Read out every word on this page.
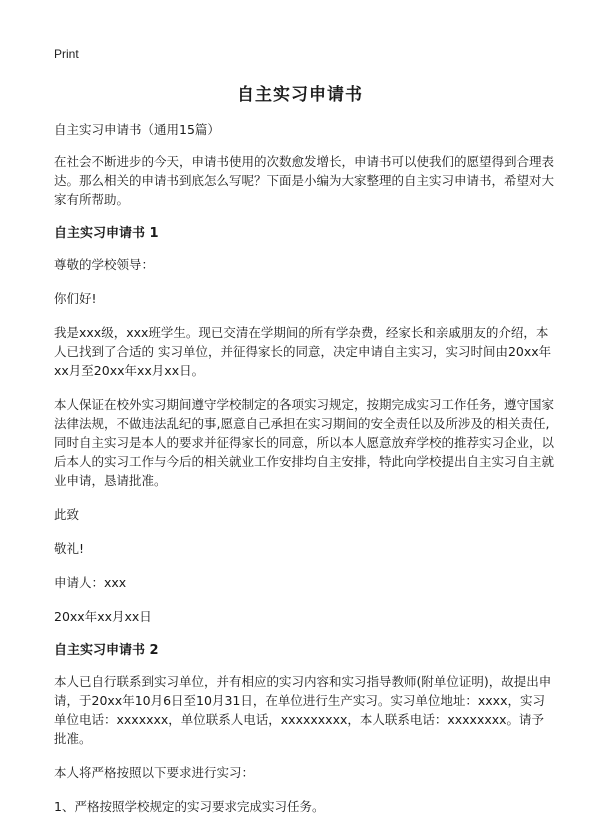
Print
自主实习申请书

自主实习申请书（通用15篇）

在社会不断进步的今天，申请书使用的次数愈发增长，申请书可以使我们的愿望得到合理表达。那么相关的申请书到底怎么写呢？下面是小编为大家整理的自主实习申请书，希望对大家有所帮助。

自主实习申请书 1

尊敬的学校领导：

你们好!

我是xxx级，xxx班学生。现已交清在学期间的所有学杂费，经家长和亲戚朋友的介绍，本人已找到了合适的 实习单位，并征得家长的同意，决定申请自主实习，实习时间由20xx年xx月至20xx年xx月xx日。

本人保证在校外实习期间遵守学校制定的各项实习规定，按期完成实习工作任务，遵守国家法律法规，不做违法乱纪的事,愿意自己承担在实习期间的安全责任以及所涉及的相关责任,同时自主实习是本人的要求并征得家长的同意，所以本人愿意放弃学校的推荐实习企业，以后本人的实习工作与今后的相关就业工作安排均自主安排，特此向学校提出自主实习自主就业申请，恳请批准。

此致

敬礼!

申请人：xxx

20xx年xx月xx日

自主实习申请书 2

本人已自行联系到实习单位，并有相应的实习内容和实习指导教师(附单位证明)，故提出申请，于20xx年10月6日至10月31日，在单位进行生产实习。实习单位地址：xxxx，实习单位电话：xxxxxxx，单位联系人电话，xxxxxxxxx，本人联系电话：xxxxxxxx。请予批准。

本人将严格按照以下要求进行实习：

1、严格按照学校规定的实习要求完成实习任务。
